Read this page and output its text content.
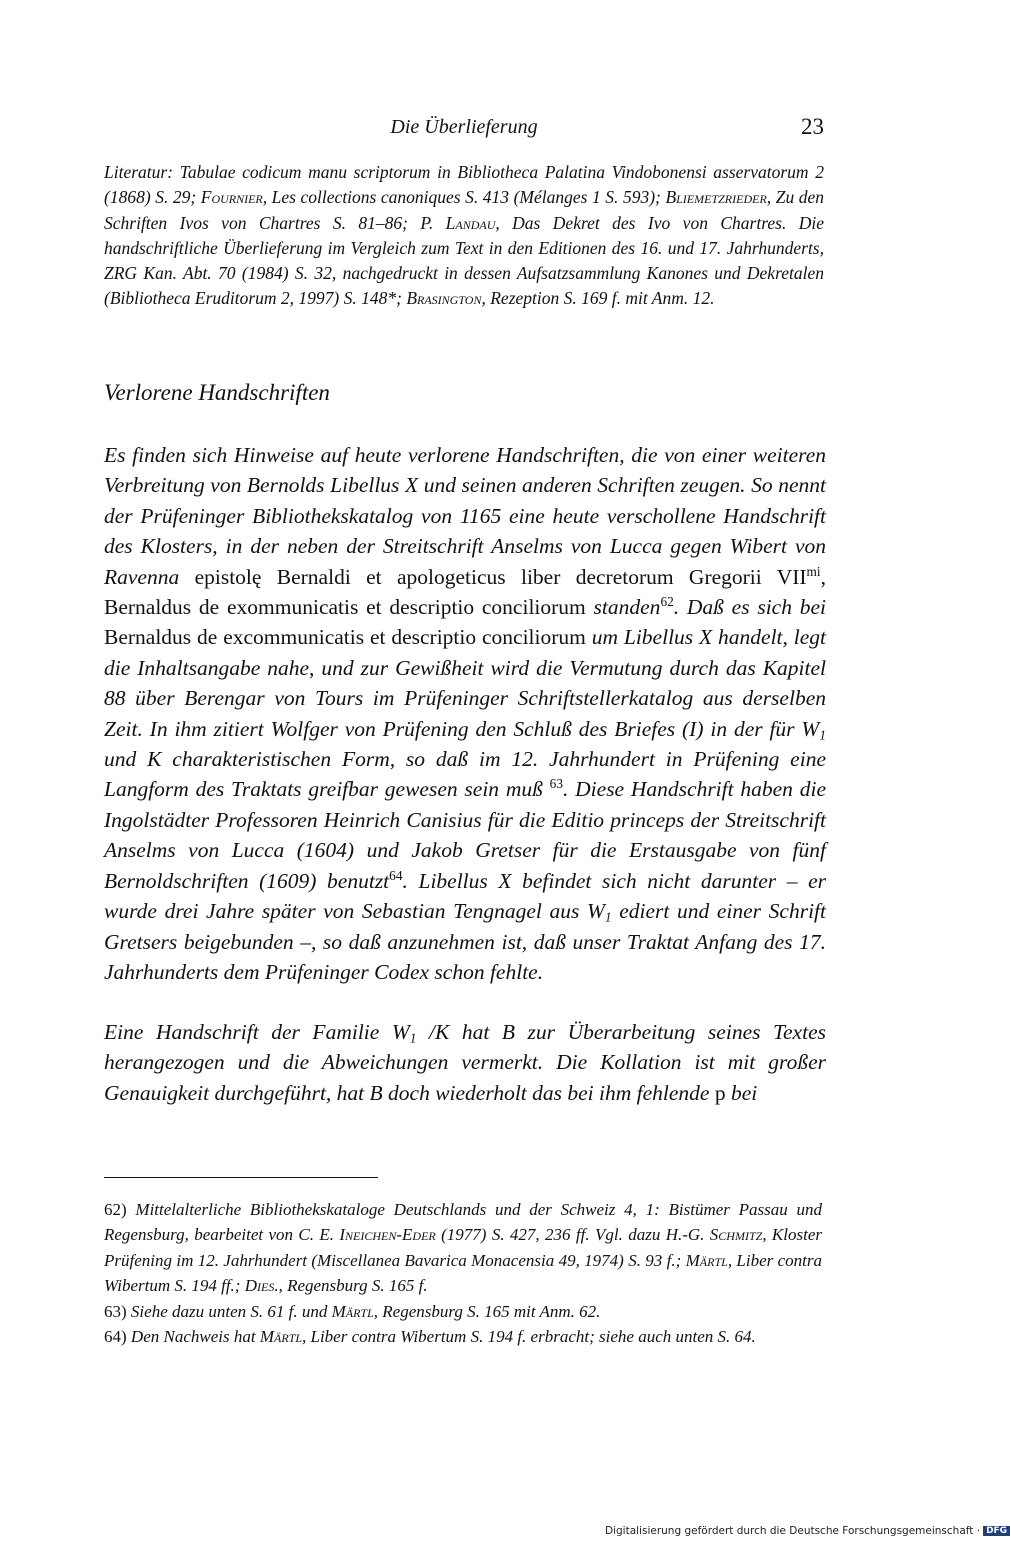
Die Überlieferung	23

Literatur: Tabulae codicum manu scriptorum in Bibliotheca Palatina Vindobonensi asservatorum 2 (1868) S. 29; Fournier, Les collections canoniques S. 413 (Mélanges 1 S. 593); Bliemetzrieder, Zu den Schriften Ivos von Chartres S. 81–86; P. Landau, Das Dekret des Ivo von Chartres. Die handschriftliche Überlieferung im Vergleich zum Text in den Editionen des 16. und 17. Jahrhunderts, ZRG Kan. Abt. 70 (1984) S. 32, nachgedruckt in dessen Aufsatzsammlung Kanones und Dekretalen (Bibliotheca Eruditorum 2, 1997) S. 148*; Brasington, Rezeption S. 169 f. mit Anm. 12.

Verlorene Handschriften

Es finden sich Hinweise auf heute verlorene Handschriften, die von einer weiteren Verbreitung von Bernolds Libellus X und seinen anderen Schriften zeugen. So nennt der Prüfeninger Bibliothekskatalog von 1165 eine heute verschollene Handschrift des Klosters, in der neben der Streitschrift Anselms von Lucca gegen Wibert von Ravenna epistolę Bernaldi et apologeticus liber decretorum Gregorii $VII^{mi}$, Bernaldus de exommunicatis et descriptio conciliorum standen$^{62}$. Daß es sich bei Bernaldus de excommunicatis et descriptio conciliorum um Libellus X handelt, legt die Inhaltsangabe nahe, und zur Gewißheit wird die Vermutung durch das Kapitel 88 über Berengar von Tours im Prüfeninger Schriftstellerkatalog aus derselben Zeit. In ihm zitiert Wolfger von Prüfening den Schluß des Briefes (I) in der für $W_1$ und K charakteristischen Form, so daß im 12. Jahrhundert in Prüfening eine Langform des Traktats greifbar gewesen sein muß $^{63}$. Diese Handschrift haben die Ingolstädter Professoren Heinrich Canisius für die Editio princeps der Streitschrift Anselms von Lucca (1604) und Jakob Gretser für die Erstausgabe von fünf Bernoldschriften (1609) benutzt$^{64}$. Libellus X befindet sich nicht darunter – er wurde drei Jahre später von Sebastian Tengnagel aus $W_1$ ediert und einer Schrift Gretsers beigebunden –, so daß anzunehmen ist, daß unser Traktat Anfang des 17. Jahrhunderts dem Prüfeninger Codex schon fehlte.

Eine Handschrift der Familie $W_1$ /K hat B zur Überarbeitung seines Textes herangezogen und die Abweichungen vermerkt. Die Kollation ist mit großer Genauigkeit durchgeführt, hat B doch wiederholt das bei ihm fehlende p bei

62) Mittelalterliche Bibliothekskataloge Deutschlands und der Schweiz 4, 1: Bistümer Passau und Regensburg, bearbeitet von C. E. Ineichen-Eder (1977) S. 427, 236 ff. Vgl. dazu H.-G. Schmitz, Kloster Prüfening im 12. Jahrhundert (Miscellanea Bavarica Monacensia 49, 1974) S. 93 f.; Märtl, Liber contra Wibertum S. 194 ff.; Dies., Regensburg S. 165 f.
63) Siehe dazu unten S. 61 f. und Märtl, Regensburg S. 165 mit Anm. 62.
64) Den Nachweis hat Märtl, Liber contra Wibertum S. 194 f. erbracht; siehe auch unten S. 64.
Digitalisierung gefördert durch die Deutsche Forschungsgemeinschaft · DFG
